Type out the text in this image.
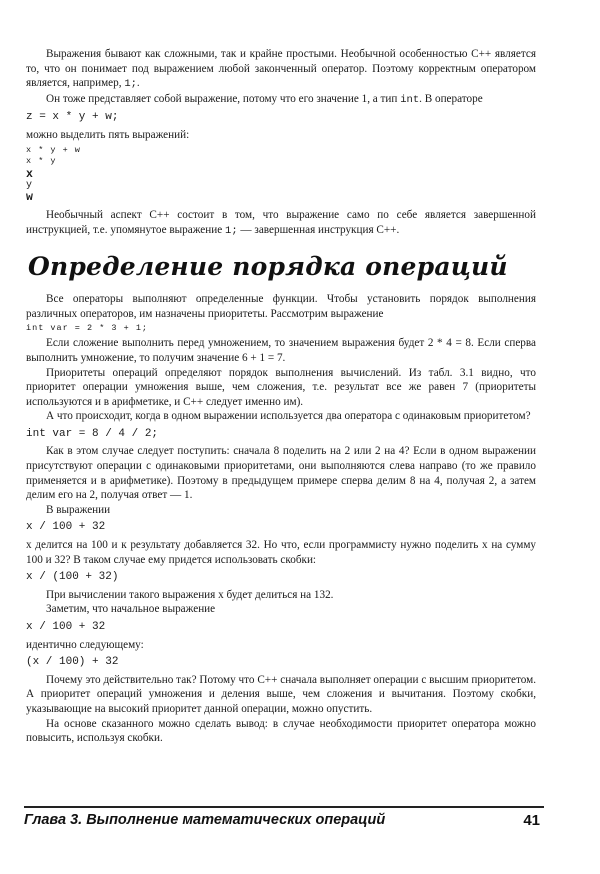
Выражения бывают как сложными, так и крайне простыми. Необычной особенностью С++ является то, что он понимает под выражением любой законченный оператор. Поэтому корректным оператором является, например, 1;.

Он тоже представляет собой выражение, потому что его значение 1, а тип int. В операторе

z = x * y + w;

можно выделить пять выражений:

x * y + w
x * y
x
y
w

Необычный аспект С++ состоит в том, что выражение само по себе является завершенной инструкцией, т.е. упомянутое выражение 1; — завершенная инструкция С++.

Определение порядка операций

Все операторы выполняют определенные функции. Чтобы установить порядок выполнения различных операторов, им назначены приоритеты. Рассмотрим выражение

int var = 2 * 3 + 1;

Если сложение выполнить перед умножением, то значением выражения будет 2 * 4 = 8. Если сперва выполнить умножение, то получим значение 6 + 1 = 7.

Приоритеты операций определяют порядок выполнения вычислений. Из табл. 3.1 видно, что приоритет операции умножения выше, чем сложения, т.е. результат все же равен 7 (приоритеты используются и в арифметике, и С++ следует именно им).

А что происходит, когда в одном выражении используется два оператора с одинаковым приоритетом?

int var = 8 / 4 / 2;

Как в этом случае следует поступить: сначала 8 поделить на 2 или 2 на 4? Если в одном выражении присутствуют операции с одинаковыми приоритетами, они выполняются слева направо (то же правило применяется и в арифметике). Поэтому в предыдущем примере сперва делим 8 на 4, получая 2, а затем делим его на 2, получая ответ — 1.

В выражении

x / 100 + 32

x делится на 100 и к результату добавляется 32. Но что, если программисту нужно поделить x на сумму 100 и 32? В таком случае ему придется использовать скобки:

x / (100 + 32)

При вычислении такого выражения x будет делиться на 132.

Заметим, что начальное выражение

x / 100 + 32

идентично следующему:

(x / 100) + 32

Почему это действительно так? Потому что С++ сначала выполняет операции с высшим приоритетом. А приоритет операций умножения и деления выше, чем сложения и вычитания. Поэтому скобки, указывающие на высокий приоритет данной операции, можно опустить.

На основе сказанного можно сделать вывод: в случае необходимости приоритет оператора можно повысить, используя скобки.

Глава 3. Выполнение математических операций	41
